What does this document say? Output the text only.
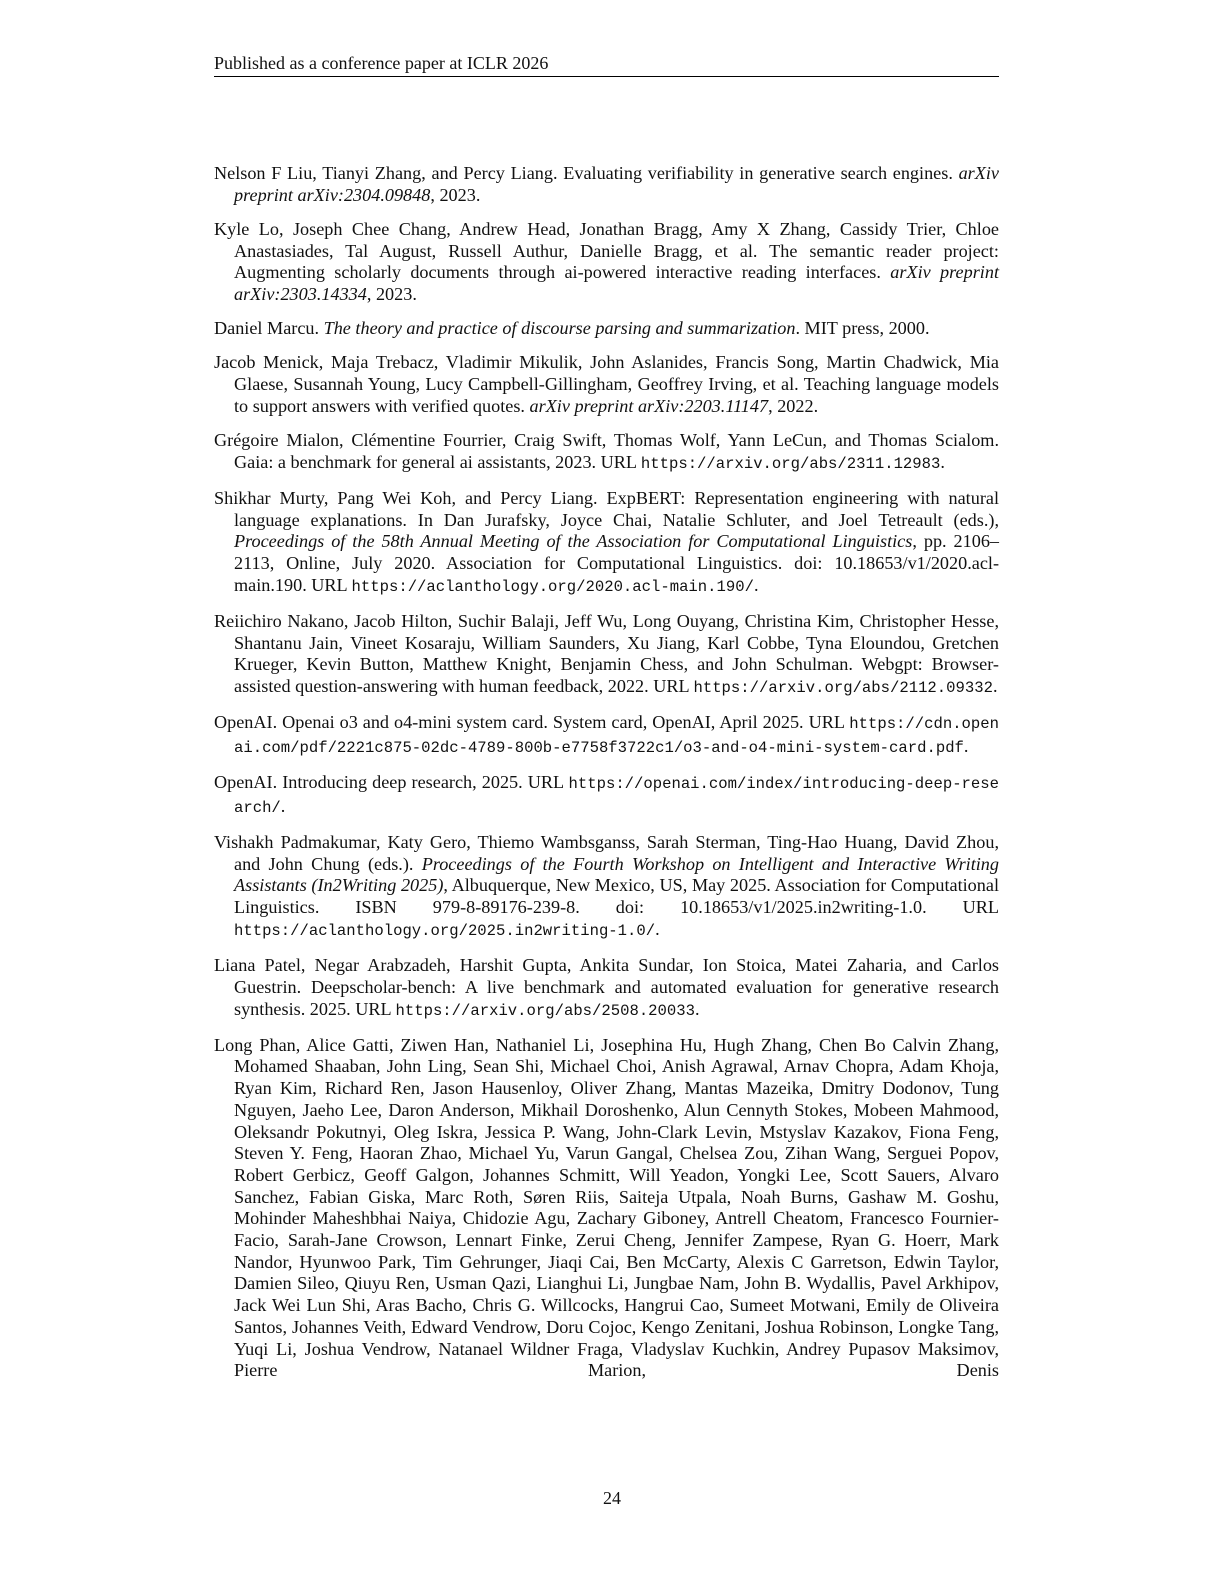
Published as a conference paper at ICLR 2026
Nelson F Liu, Tianyi Zhang, and Percy Liang. Evaluating verifiability in generative search engines. arXiv preprint arXiv:2304.09848, 2023.
Kyle Lo, Joseph Chee Chang, Andrew Head, Jonathan Bragg, Amy X Zhang, Cassidy Trier, Chloe Anastasiades, Tal August, Russell Authur, Danielle Bragg, et al. The semantic reader project: Augmenting scholarly documents through ai-powered interactive reading interfaces. arXiv preprint arXiv:2303.14334, 2023.
Daniel Marcu. The theory and practice of discourse parsing and summarization. MIT press, 2000.
Jacob Menick, Maja Trebacz, Vladimir Mikulik, John Aslanides, Francis Song, Martin Chadwick, Mia Glaese, Susannah Young, Lucy Campbell-Gillingham, Geoffrey Irving, et al. Teaching language models to support answers with verified quotes. arXiv preprint arXiv:2203.11147, 2022.
Grégoire Mialon, Clémentine Fourrier, Craig Swift, Thomas Wolf, Yann LeCun, and Thomas Scialom. Gaia: a benchmark for general ai assistants, 2023. URL https://arxiv.org/abs/2311.12983.
Shikhar Murty, Pang Wei Koh, and Percy Liang. ExpBERT: Representation engineering with natural language explanations. In Dan Jurafsky, Joyce Chai, Natalie Schluter, and Joel Tetreault (eds.), Proceedings of the 58th Annual Meeting of the Association for Computational Linguistics, pp. 2106–2113, Online, July 2020. Association for Computational Linguistics. doi: 10.18653/v1/2020.acl-main.190. URL https://aclanthology.org/2020.acl-main.190/.
Reiichiro Nakano, Jacob Hilton, Suchir Balaji, Jeff Wu, Long Ouyang, Christina Kim, Christopher Hesse, Shantanu Jain, Vineet Kosaraju, William Saunders, Xu Jiang, Karl Cobbe, Tyna Eloundou, Gretchen Krueger, Kevin Button, Matthew Knight, Benjamin Chess, and John Schulman. Webgpt: Browser-assisted question-answering with human feedback, 2022. URL https://arxiv.org/abs/2112.09332.
OpenAI. Openai o3 and o4-mini system card. System card, OpenAI, April 2025. URL https://cdn.openai.com/pdf/2221c875-02dc-4789-800b-e7758f3722c1/o3-and-o4-mini-system-card.pdf.
OpenAI. Introducing deep research, 2025. URL https://openai.com/index/introducing-deep-research/.
Vishakh Padmakumar, Katy Gero, Thiemo Wambsganss, Sarah Sterman, Ting-Hao Huang, David Zhou, and John Chung (eds.). Proceedings of the Fourth Workshop on Intelligent and Interactive Writing Assistants (In2Writing 2025), Albuquerque, New Mexico, US, May 2025. Association for Computational Linguistics. ISBN 979-8-89176-239-8. doi: 10.18653/v1/2025.in2writing-1.0. URL https://aclanthology.org/2025.in2writing-1.0/.
Liana Patel, Negar Arabzadeh, Harshit Gupta, Ankita Sundar, Ion Stoica, Matei Zaharia, and Carlos Guestrin. Deepscholar-bench: A live benchmark and automated evaluation for generative research synthesis. 2025. URL https://arxiv.org/abs/2508.20033.
Long Phan, Alice Gatti, Ziwen Han, Nathaniel Li, Josephina Hu, Hugh Zhang, Chen Bo Calvin Zhang, Mohamed Shaaban, John Ling, Sean Shi, Michael Choi, Anish Agrawal, Arnav Chopra, Adam Khoja, Ryan Kim, Richard Ren, Jason Hausenloy, Oliver Zhang, Mantas Mazeika, Dmitry Dodonov, Tung Nguyen, Jaeho Lee, Daron Anderson, Mikhail Doroshenko, Alun Cennyth Stokes, Mobeen Mahmood, Oleksandr Pokutnyi, Oleg Iskra, Jessica P. Wang, John-Clark Levin, Mstyslav Kazakov, Fiona Feng, Steven Y. Feng, Haoran Zhao, Michael Yu, Varun Gangal, Chelsea Zou, Zihan Wang, Serguei Popov, Robert Gerbicz, Geoff Galgon, Johannes Schmitt, Will Yeadon, Yongki Lee, Scott Sauers, Alvaro Sanchez, Fabian Giska, Marc Roth, Søren Riis, Saiteja Utpala, Noah Burns, Gashaw M. Goshu, Mohinder Maheshbhai Naiya, Chidozie Agu, Zachary Giboney, Antrell Cheatom, Francesco Fournier-Facio, Sarah-Jane Crowson, Lennart Finke, Zerui Cheng, Jennifer Zampese, Ryan G. Hoerr, Mark Nandor, Hyunwoo Park, Tim Gehrunger, Jiaqi Cai, Ben McCarty, Alexis C Garretson, Edwin Taylor, Damien Sileo, Qiuyu Ren, Usman Qazi, Lianghui Li, Jungbae Nam, John B. Wydallis, Pavel Arkhipov, Jack Wei Lun Shi, Aras Bacho, Chris G. Willcocks, Hangrui Cao, Sumeet Motwani, Emily de Oliveira Santos, Johannes Veith, Edward Vendrow, Doru Cojoc, Kengo Zenitani, Joshua Robinson, Longke Tang, Yuqi Li, Joshua Vendrow, Natanael Wildner Fraga, Vladyslav Kuchkin, Andrey Pupasov Maksimov, Pierre Marion, Denis
24
